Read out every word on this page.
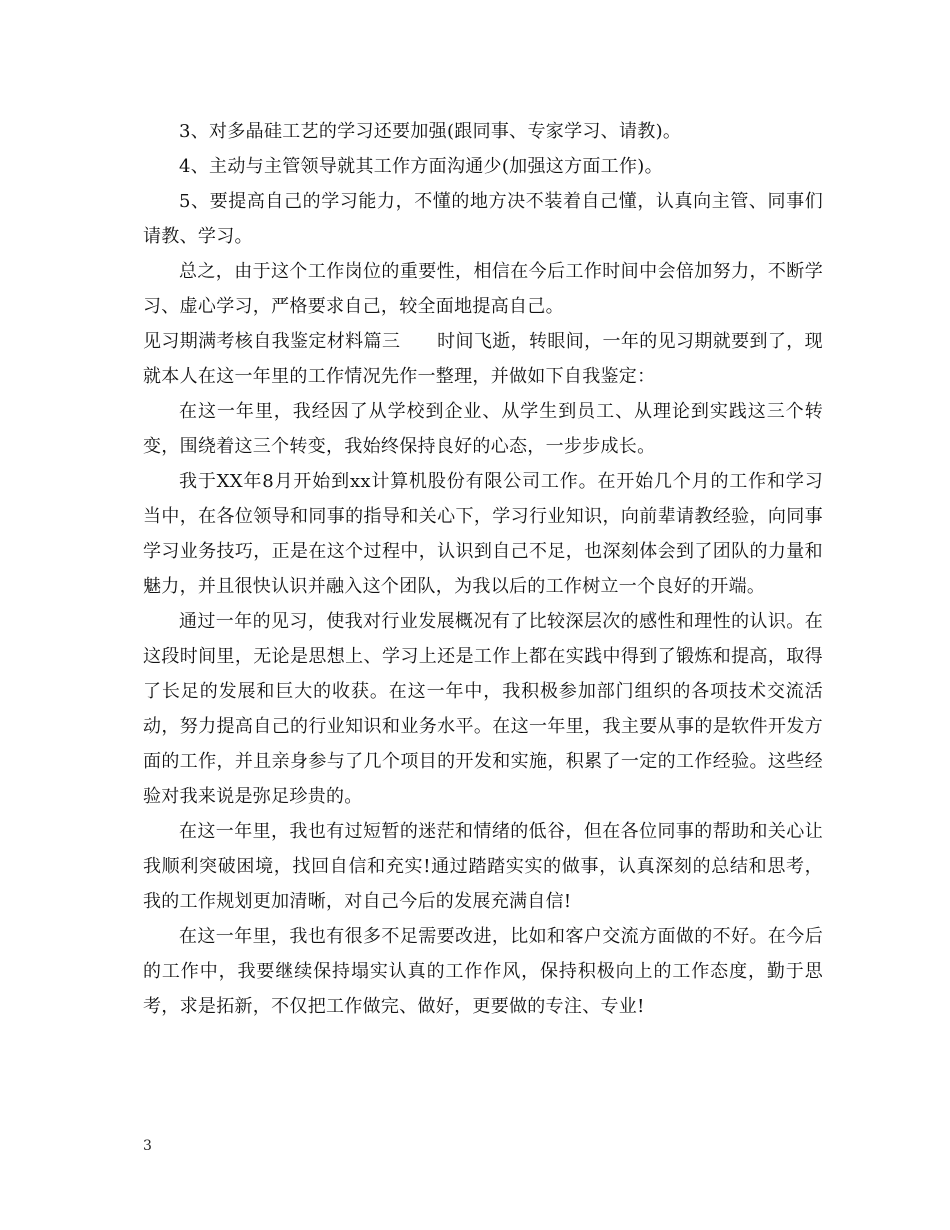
3、对多晶硅工艺的学习还要加强(跟同事、专家学习、请教)。

4、主动与主管领导就其工作方面沟通少(加强这方面工作)。

5、要提高自己的学习能力，不懂的地方决不装着自己懂，认真向主管、同事们请教、学习。

总之，由于这个工作岗位的重要性，相信在今后工作时间中会倍加努力，不断学习、虚心学习，严格要求自己，较全面地提高自己。

见习期满考核自我鉴定材料篇三　　时间飞逝，转眼间，一年的见习期就要到了，现就本人在这一年里的工作情况先作一整理，并做如下自我鉴定：

在这一年里，我经因了从学校到企业、从学生到员工、从理论到实践这三个转变，围绕着这三个转变，我始终保持良好的心态，一步步成长。

我于XX年8月开始到xx计算机股份有限公司工作。在开始几个月的工作和学习当中，在各位领导和同事的指导和关心下，学习行业知识，向前辈请教经验，向同事学习业务技巧，正是在这个过程中，认识到自己不足，也深刻体会到了团队的力量和魅力，并且很快认识并融入这个团队，为我以后的工作树立一个良好的开端。

通过一年的见习，使我对行业发展概况有了比较深层次的感性和理性的认识。在这段时间里，无论是思想上、学习上还是工作上都在实践中得到了锻炼和提高，取得了长足的发展和巨大的收获。在这一年中，我积极参加部门组织的各项技术交流活动，努力提高自己的行业知识和业务水平。在这一年里，我主要从事的是软件开发方面的工作，并且亲身参与了几个项目的开发和实施，积累了一定的工作经验。这些经验对我来说是弥足珍贵的。

在这一年里，我也有过短暂的迷茫和情绪的低谷，但在各位同事的帮助和关心让我顺利突破困境，找回自信和充实!通过踏踏实实的做事，认真深刻的总结和思考，我的工作规划更加清晰，对自己今后的发展充满自信!

在这一年里，我也有很多不足需要改进，比如和客户交流方面做的不好。在今后的工作中，我要继续保持塌实认真的工作作风，保持积极向上的工作态度，勤于思考，求是拓新，不仅把工作做完、做好，更要做的专注、专业!

3
